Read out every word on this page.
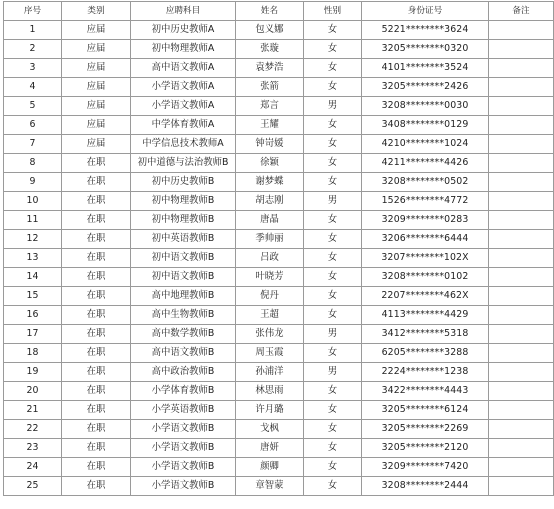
序号	类别	应聘科目	姓名	性别	身份证号	备注
1	应届	初中历史教师A	包义娜	女	5221********3624	
2	应届	初中物理教师A	张璇	女	3205********0320	
3	应届	高中语文教师A	袁梦浩	女	4101********3524	
4	应届	小学语文教师A	张箭	女	3205********2426	
5	应届	小学语文教师A	郑言	男	3208********0030	
6	应届	中学体育教师A	王耀	女	3408********0129	
7	应届	中学信息技术教师A	钟岢媛	女	4210********1024	
8	在职	初中道德与法治教师B	徐颖	女	4211********4426	
9	在职	初中历史教师B	谢梦蝶	女	3208********0502	
10	在职	初中物理教师B	胡志刚	男	1526********4772	
11	在职	初中物理教师B	唐晶	女	3209********0283	
12	在职	初中英语教师B	季帅丽	女	3206********6444	
13	在职	初中语文教师B	吕政	女	3207********102X	
14	在职	初中语文教师B	叶晓芳	女	3208********0102	
15	在职	高中地理教师B	倪丹	女	2207********462X	
16	在职	高中生物教师B	王超	女	4113********4429	
17	在职	高中数学教师B	张伟龙	男	3412********5318	
18	在职	高中语文教师B	周玉霞	女	6205********3288	
19	在职	高中政治教师B	孙浦洋	男	2224********1238	
20	在职	小学体育教师B	林思雨	女	3422********4443	
21	在职	小学英语教师B	许月璐	女	3205********6124	
22	在职	小学语文教师B	戈枫	女	3205********2269	
23	在职	小学语文教师B	唐妍	女	3205********2120	
24	在职	小学语文教师B	颜卿	女	3209********7420	
25	在职	小学语文教师B	章智蒙	女	3208********2444	
